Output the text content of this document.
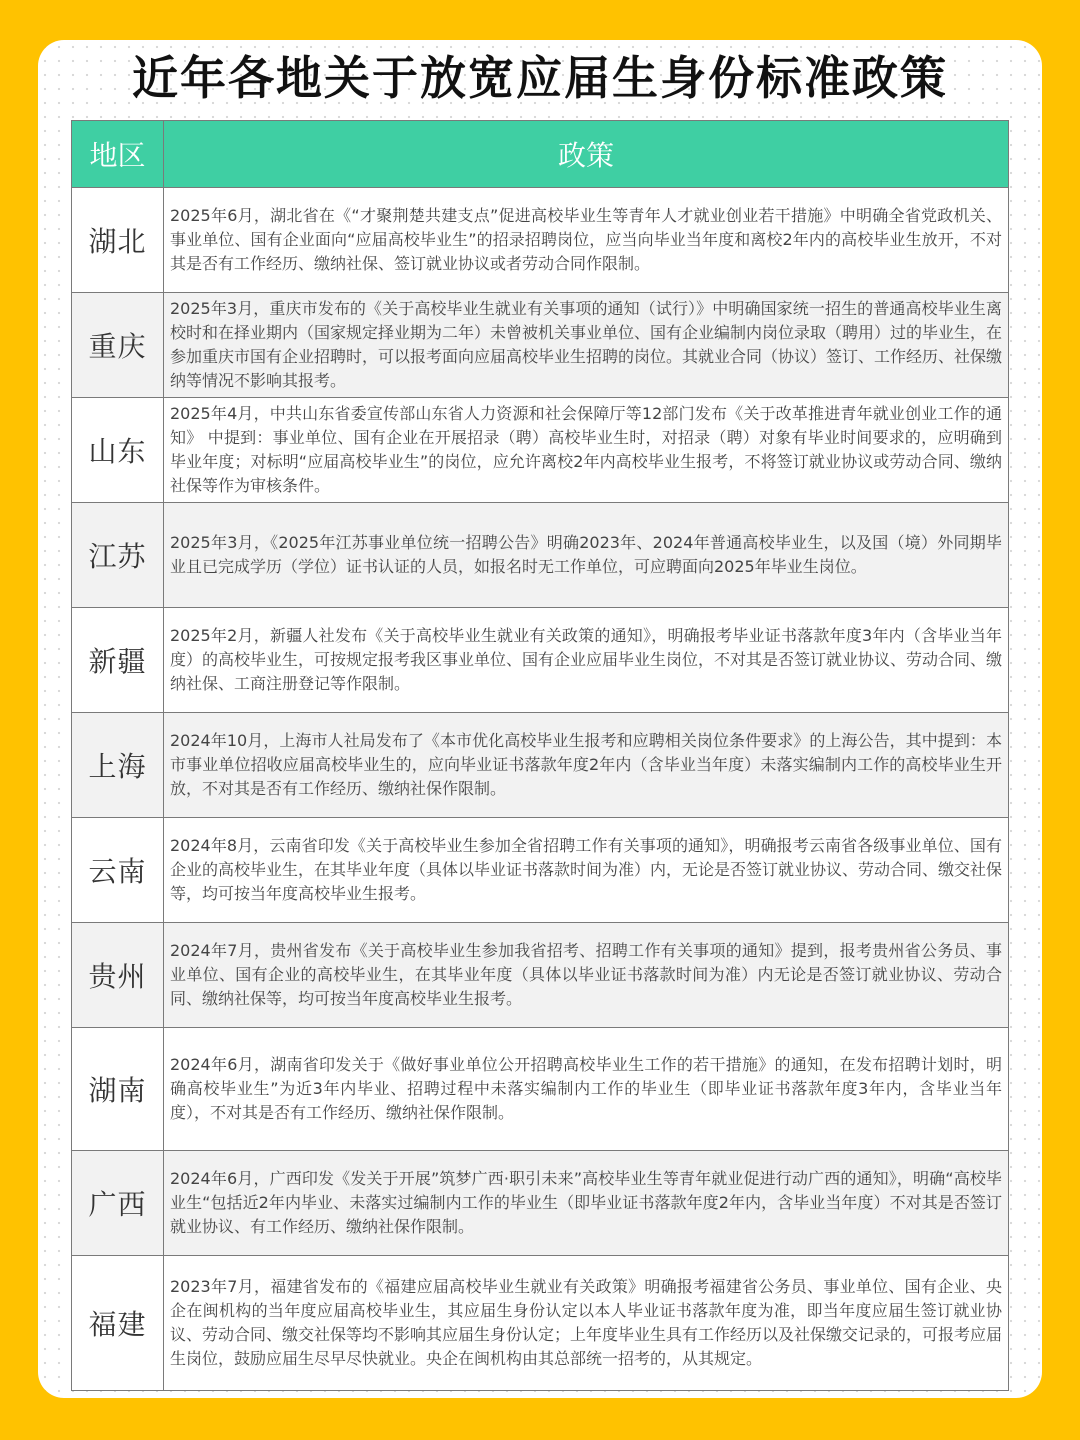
近年各地关于放宽应届生身份标准政策
地区	政策
湖北	2025年6月，湖北省在《“才聚荆楚共建支点”促进高校毕业生等青年人才就业创业若干措施》中明确全省党政机关、事业单位、国有企业面向“应届高校毕业生”的招录招聘岗位，应当向毕业当年度和离校2年内的高校毕业生放开，不对其是否有工作经历、缴纳社保、签订就业协议或者劳动合同作限制。
重庆	2025年3月，重庆市发布的《关于高校毕业生就业有关事项的通知（试行）》中明确国家统一招生的普通高校毕业生离校时和在择业期内（国家规定择业期为二年）未曾被机关事业单位、国有企业编制内岗位录取（聘用）过的毕业生，在参加重庆市国有企业招聘时，可以报考面向应届高校毕业生招聘的岗位。其就业合同（协议）签订、工作经历、社保缴纳等情况不影响其报考。
山东	2025年4月，中共山东省委宣传部山东省人力资源和社会保障厅等12部门发布《关于改革推进青年就业创业工作的通知》 中提到：事业单位、国有企业在开展招录（聘）高校毕业生时，对招录（聘）对象有毕业时间要求的，应明确到毕业年度；对标明“应届高校毕业生”的岗位，应允许离校2年内高校毕业生报考，不将签订就业协议或劳动合同、缴纳社保等作为审核条件。
江苏	2025年3月，《2025年江苏事业单位统一招聘公告》明确2023年、2024年普通高校毕业生，以及国（境）外同期毕业且已完成学历（学位）证书认证的人员，如报名时无工作单位，可应聘面向2025年毕业生岗位。
新疆	2025年2月，新疆人社发布《关于高校毕业生就业有关政策的通知》，明确报考毕业证书落款年度3年内（含毕业当年度）的高校毕业生，可按规定报考我区事业单位、国有企业应届毕业生岗位，不对其是否签订就业协议、劳动合同、缴纳社保、工商注册登记等作限制。
上海	2024年10月，上海市人社局发布了《本市优化高校毕业生报考和应聘相关岗位条件要求》的上海公告，其中提到：本市事业单位招收应届高校毕业生的，应向毕业证书落款年度2年内（含毕业当年度）未落实编制内工作的高校毕业生开放，不对其是否有工作经历、缴纳社保作限制。
云南	2024年8月，云南省印发《关于高校毕业生参加全省招聘工作有关事项的通知》，明确报考云南省各级事业单位、国有企业的高校毕业生，在其毕业年度（具体以毕业证书落款时间为准）内，无论是否签订就业协议、劳动合同、缴交社保等，均可按当年度高校毕业生报考。
贵州	2024年7月，贵州省发布《关于高校毕业生参加我省招考、招聘工作有关事项的通知》提到，报考贵州省公务员、事业单位、国有企业的高校毕业生，在其毕业年度（具体以毕业证书落款时间为准）内无论是否签订就业协议、劳动合同、缴纳社保等，均可按当年度高校毕业生报考。
湖南	2024年6月，湖南省印发关于《做好事业单位公开招聘高校毕业生工作的若干措施》的通知，在发布招聘计划时，明确高校毕业生”为近3年内毕业、招聘过程中未落实编制内工作的毕业生（即毕业证书落款年度3年内，含毕业当年度），不对其是否有工作经历、缴纳社保作限制。
广西	2024年6月，广西印发《发关于开展”筑梦广西·职引未来”高校毕业生等青年就业促进行动广西的通知》，明确“高校毕业生“包括近2年内毕业、未落实过编制内工作的毕业生（即毕业证书落款年度2年内，含毕业当年度）不对其是否签订就业协议、有工作经历、缴纳社保作限制。
福建	2023年7月，福建省发布的《福建应届高校毕业生就业有关政策》明确报考福建省公务员、事业单位、国有企业、央企在闽机构的当年度应届高校毕业生，其应届生身份认定以本人毕业证书落款年度为准，即当年度应届生签订就业协议、劳动合同、缴交社保等均不影响其应届生身份认定；上年度毕业生具有工作经历以及社保缴交记录的，可报考应届生岗位，鼓励应届生尽早尽快就业。央企在闽机构由其总部统一招考的，从其规定。
